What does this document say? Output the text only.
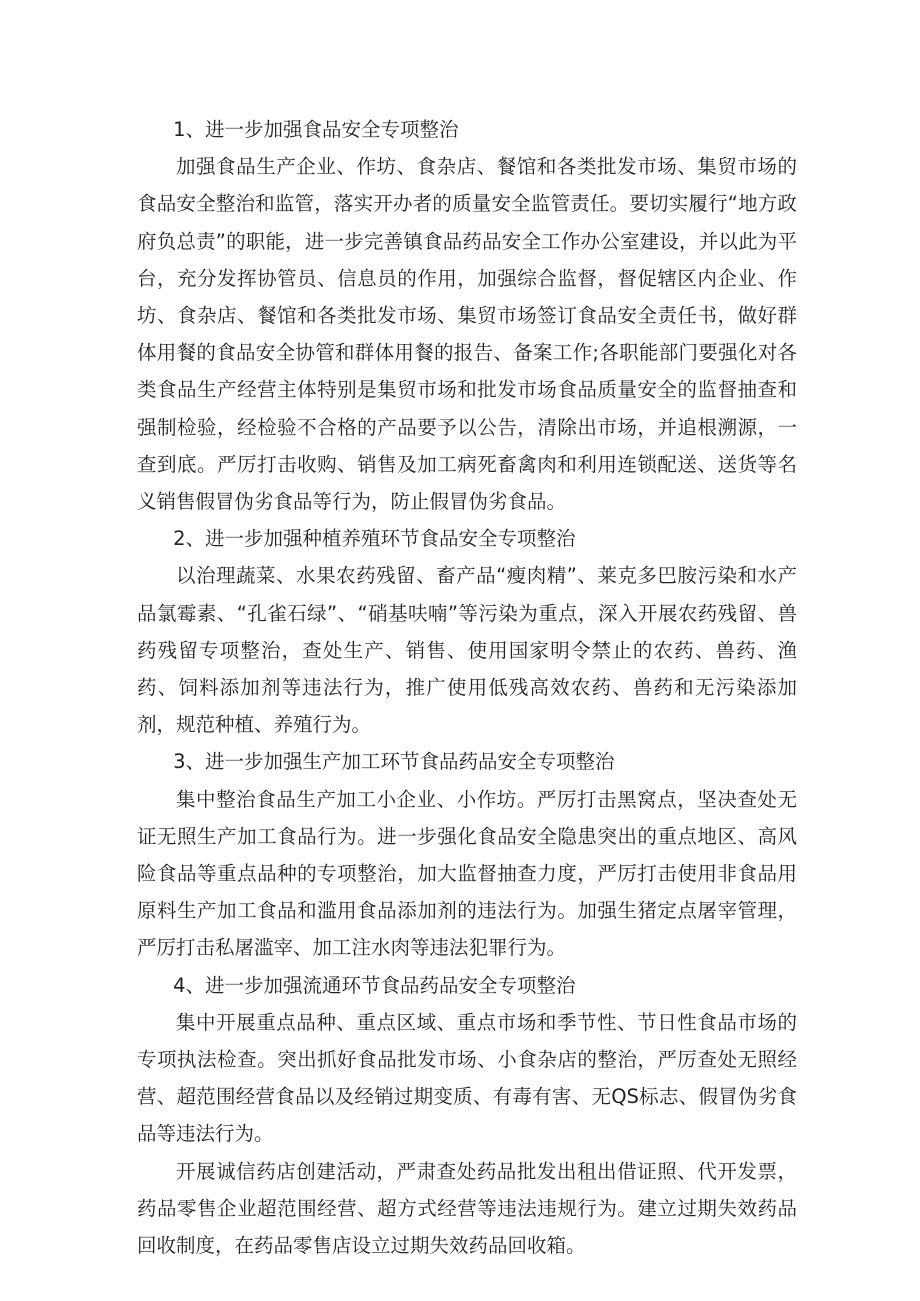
1、进一步加强食品安全专项整治

加强食品生产企业、作坊、食杂店、餐馆和各类批发市场、集贸市场的食品安全整治和监管，落实开办者的质量安全监管责任。要切实履行“地方政府负总责”的职能，进一步完善镇食品药品安全工作办公室建设，并以此为平台，充分发挥协管员、信息员的作用，加强综合监督，督促辖区内企业、作坊、食杂店、餐馆和各类批发市场、集贸市场签订食品安全责任书，做好群体用餐的食品安全协管和群体用餐的报告、备案工作;各职能部门要强化对各类食品生产经营主体特别是集贸市场和批发市场食品质量安全的监督抽查和强制检验，经检验不合格的产品要予以公告，清除出市场，并追根溯源，一查到底。严厉打击收购、销售及加工病死畜禽肉和利用连锁配送、送货等名义销售假冒伪劣食品等行为，防止假冒伪劣食品。

2、进一步加强种植养殖环节食品安全专项整治

以治理蔬菜、水果农药残留、畜产品“瘦肉精”、莱克多巴胺污染和水产品氯霉素、“孔雀石绿”、“硝基呋喃”等污染为重点，深入开展农药残留、兽药残留专项整治，查处生产、销售、使用国家明令禁止的农药、兽药、渔药、饲料添加剂等违法行为，推广使用低残高效农药、兽药和无污染添加剂，规范种植、养殖行为。

3、进一步加强生产加工环节食品药品安全专项整治

集中整治食品生产加工小企业、小作坊。严厉打击黑窝点，坚决查处无证无照生产加工食品行为。进一步强化食品安全隐患突出的重点地区、高风险食品等重点品种的专项整治，加大监督抽查力度，严厉打击使用非食品用原料生产加工食品和滥用食品添加剂的违法行为。加强生猪定点屠宰管理，严厉打击私屠滥宰、加工注水肉等违法犯罪行为。

4、进一步加强流通环节食品药品安全专项整治

集中开展重点品种、重点区域、重点市场和季节性、节日性食品市场的专项执法检查。突出抓好食品批发市场、小食杂店的整治，严厉查处无照经营、超范围经营食品以及经销过期变质、有毒有害、无QS标志、假冒伪劣食品等违法行为。

开展诚信药店创建活动，严肃查处药品批发出租出借证照、代开发票，药品零售企业超范围经营、超方式经营等违法违规行为。建立过期失效药品回收制度，在药品零售店设立过期失效药品回收箱。
